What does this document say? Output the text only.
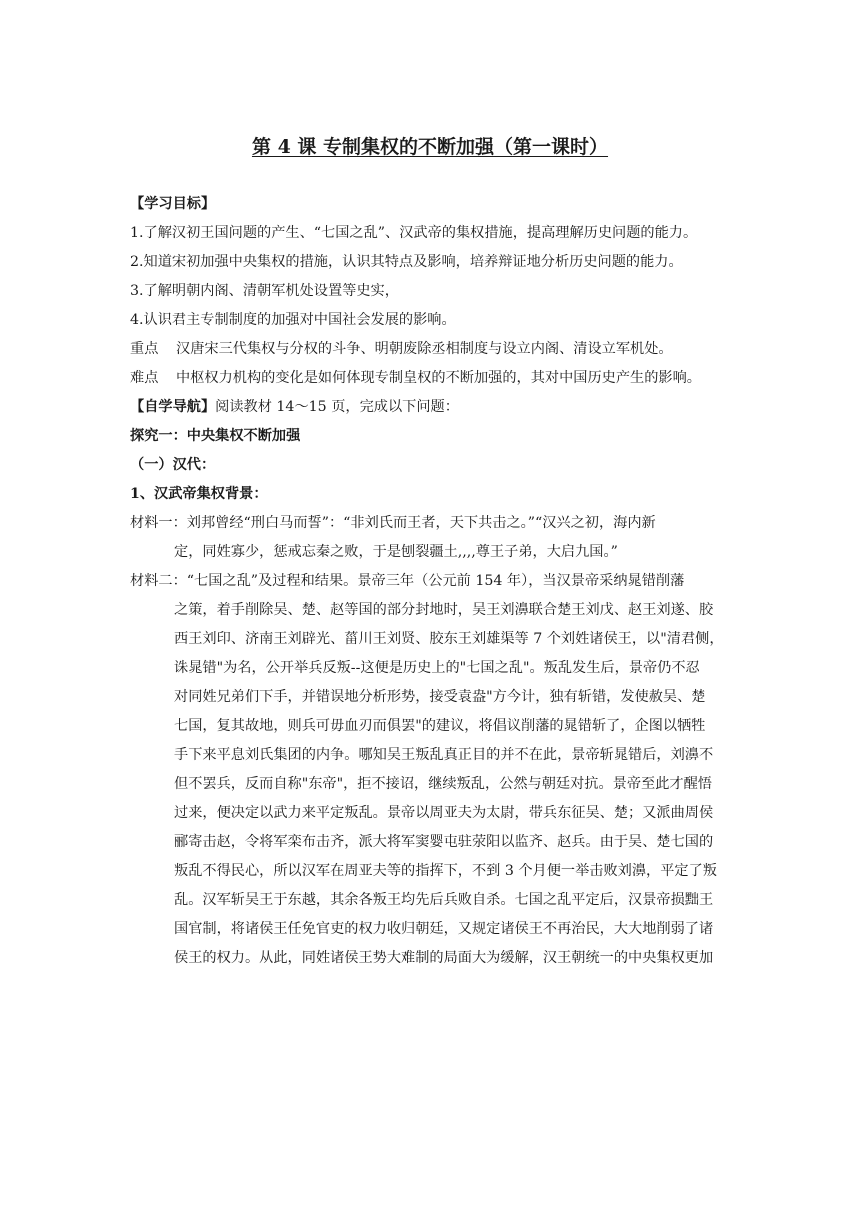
第 4 课 专制集权的不断加强（第一课时）
【学习目标】
1.了解汉初王国问题的产生、“七国之乱”、汉武帝的集权措施，提高理解历史问题的能力。
2.知道宋初加强中央集权的措施，认识其特点及影响，培养辩证地分析历史问题的能力。
3.了解明朝内阁、清朝军机处设置等史实，
4.认识君主专制制度的加强对中国社会发展的影响。
重点 汉唐宋三代集权与分权的斗争、明朝废除丞相制度与设立内阁、清设立军机处。
难点 中枢权力机构的变化是如何体现专制皇权的不断加强的，其对中国历史产生的影响。
【自学导航】阅读教材 14～15 页，完成以下问题：
探究一：中央集权不断加强
（一）汉代：
1、汉武帝集权背景：
材料一：刘邦曾经“刑白马而誓”：“非刘氏而王者，天下共击之。”“汉兴之初，海内新
定，同姓寡少，惩戒忘秦之败，于是刨裂疆土,,,,尊王子弟，大启九国。”
材料二：“七国之乱”及过程和结果。景帝三年（公元前 154 年），当汉景帝采纳晁错削藩
之策，着手削除吴、楚、赵等国的部分封地时，吴王刘濞联合楚王刘戊、赵王刘遂、胶
西王刘印、济南王刘辟光、菑川王刘贤、胶东王刘雄渠等 7 个刘姓诸侯王，以"清君侧，
诛晁错"为名，公开举兵反叛--这便是历史上的"七国之乱"。叛乱发生后，景帝仍不忍
对同姓兄弟们下手，并错误地分析形势，接受袁盎"方今计，独有斩错，发使赦吴、楚
七国，复其故地，则兵可毋血刃而俱罢"的建议，将倡议削藩的晁错斩了，企图以牺牲
手下来平息刘氏集团的内争。哪知吴王叛乱真正目的并不在此，景帝斩晁错后，刘濞不
但不罢兵，反而自称"东帝"，拒不接诏，继续叛乱，公然与朝廷对抗。景帝至此才醒悟
过来，便决定以武力来平定叛乱。景帝以周亚夫为太尉，带兵东征吴、楚；又派曲周侯
郦寄击赵，令将军栾布击齐，派大将军窦婴屯驻荥阳以监齐、赵兵。由于吴、楚七国的
叛乱不得民心，所以汉军在周亚夫等的指挥下，不到 3 个月便一举击败刘濞，平定了叛
乱。汉军斩吴王于东越，其余各叛王均先后兵败自杀。七国之乱平定后，汉景帝损黜王
国官制，将诸侯王任免官吏的权力收归朝廷，又规定诸侯王不再治民，大大地削弱了诸
侯王的权力。从此，同姓诸侯王势大难制的局面大为缓解，汉王朝统一的中央集权更加
